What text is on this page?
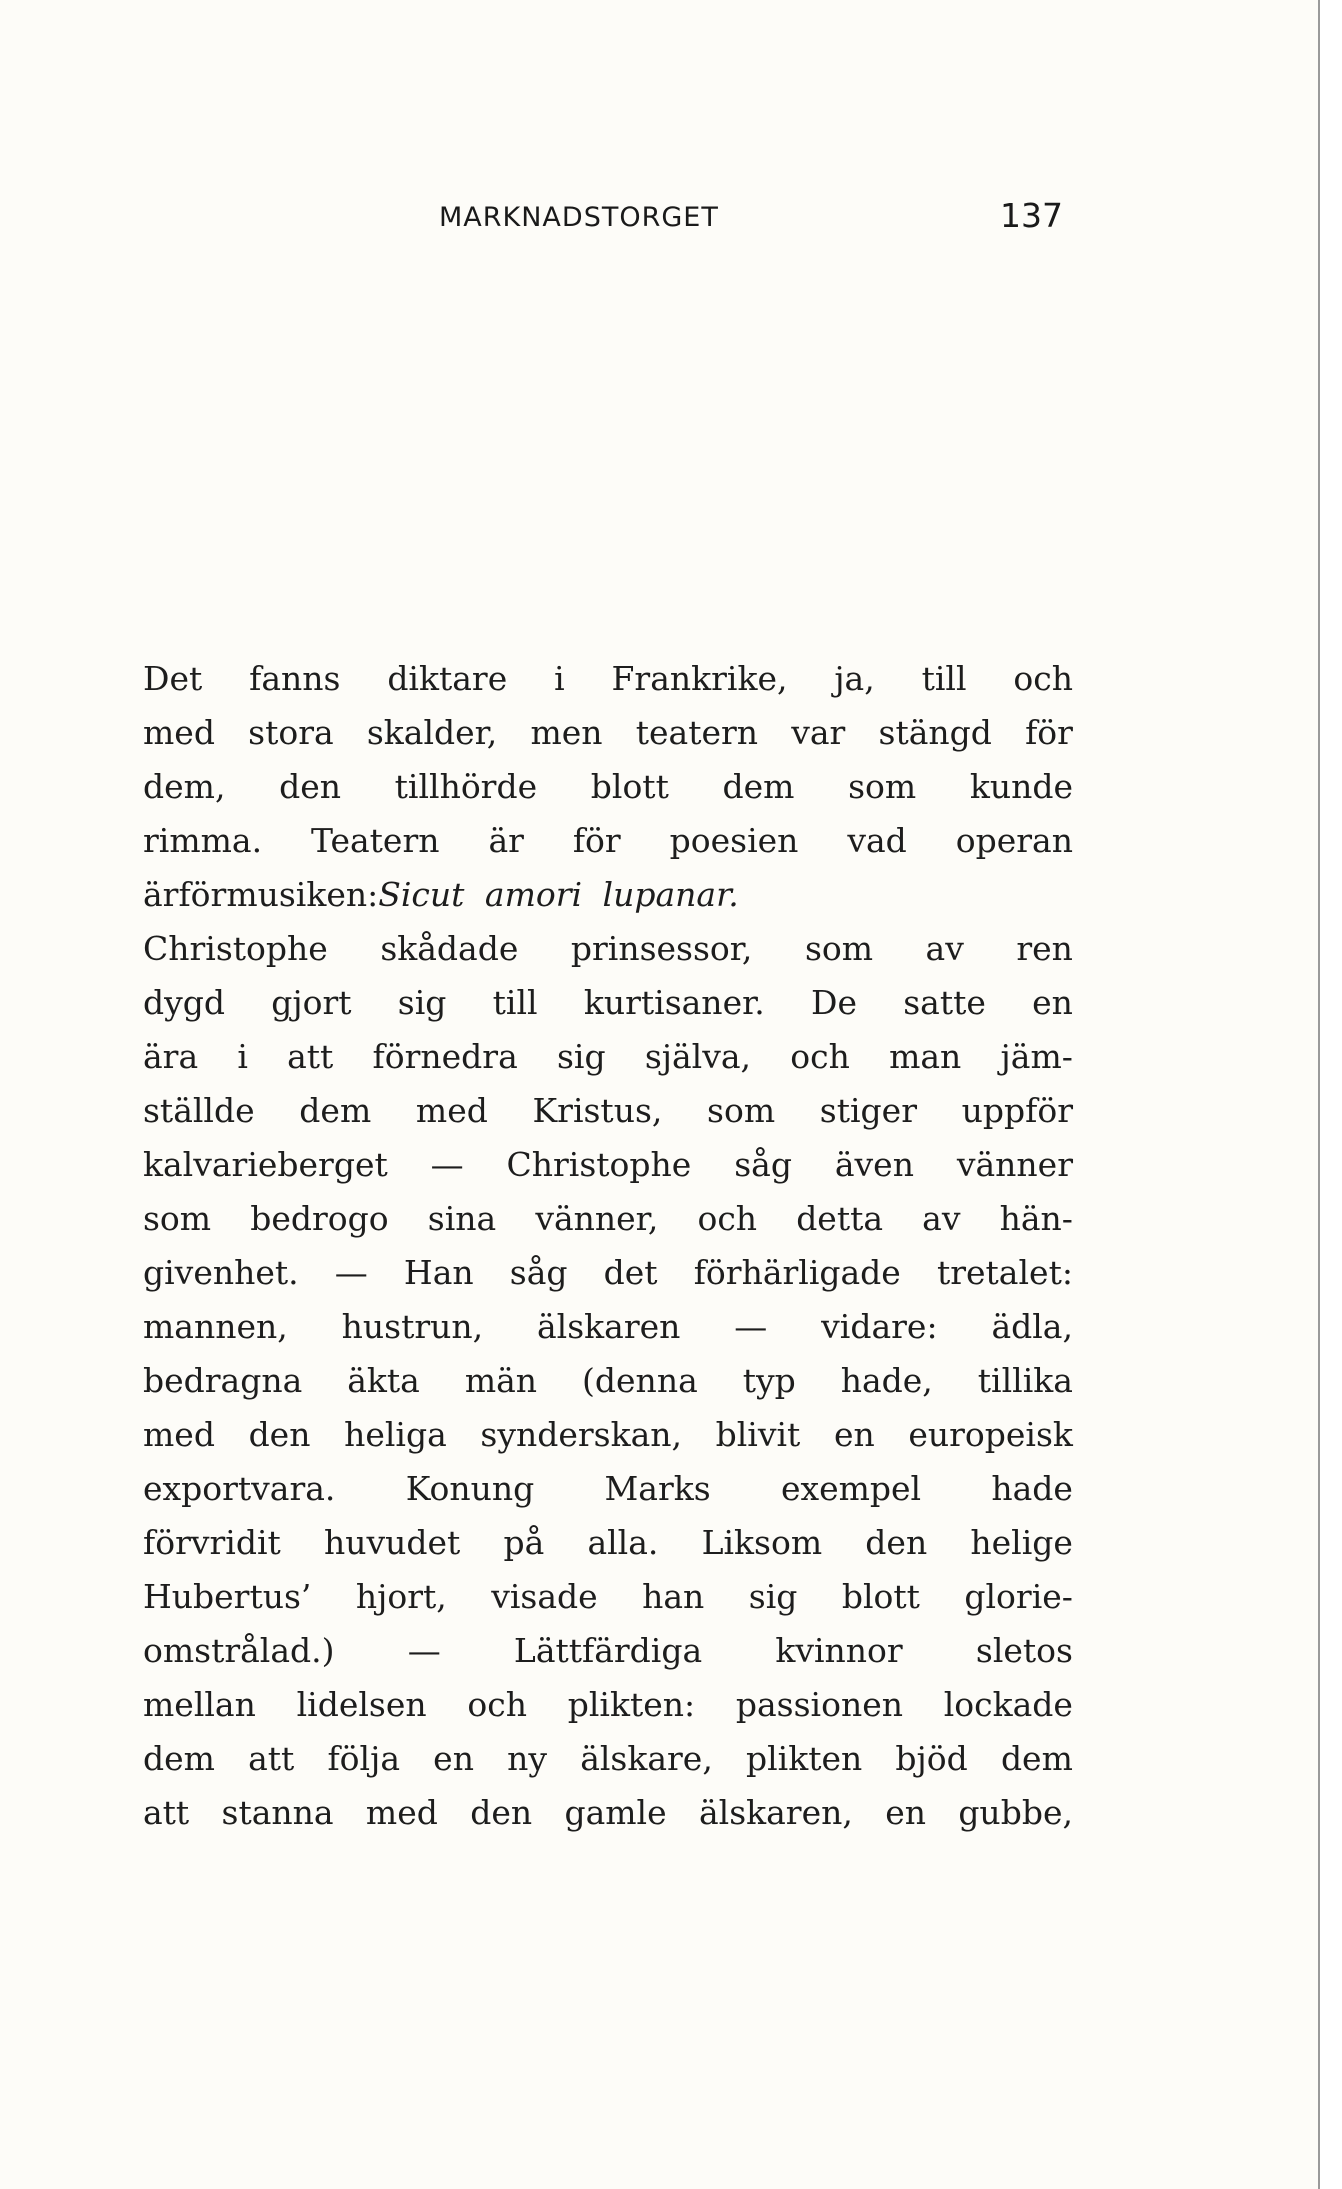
MARKNADSTORGET	137
Det fanns diktare i Frankrike, ja, till och
med stora skalder, men teatern var stängd för
dem, den tillhörde blott dem som kunde
rimma. Teatern är för poesien vad operan
är för musiken: Sicut amori lupanar.
Christophe skådade prinsessor, som av ren
dygd gjort sig till kurtisaner. De satte en
ära i att förnedra sig själva, och man jäm-
ställde dem med Kristus, som stiger uppför
kalvarieberget — Christophe såg även vänner
som bedrogo sina vänner, och detta av hän-
givenhet. — Han såg det förhärligade tretalet:
mannen, hustrun, älskaren — vidare: ädla,
bedragna äkta män (denna typ hade, tillika
med den heliga synderskan, blivit en europeisk
exportvara. Konung Marks exempel hade
förvridit huvudet på alla. Liksom den helige
Hubertus’ hjort, visade han sig blott glorie-
omstrålad.) — Lättfärdiga kvinnor sletos
mellan lidelsen och plikten: passionen lockade
dem att följa en ny älskare, plikten bjöd dem
att stanna med den gamle älskaren, en gubbe,
